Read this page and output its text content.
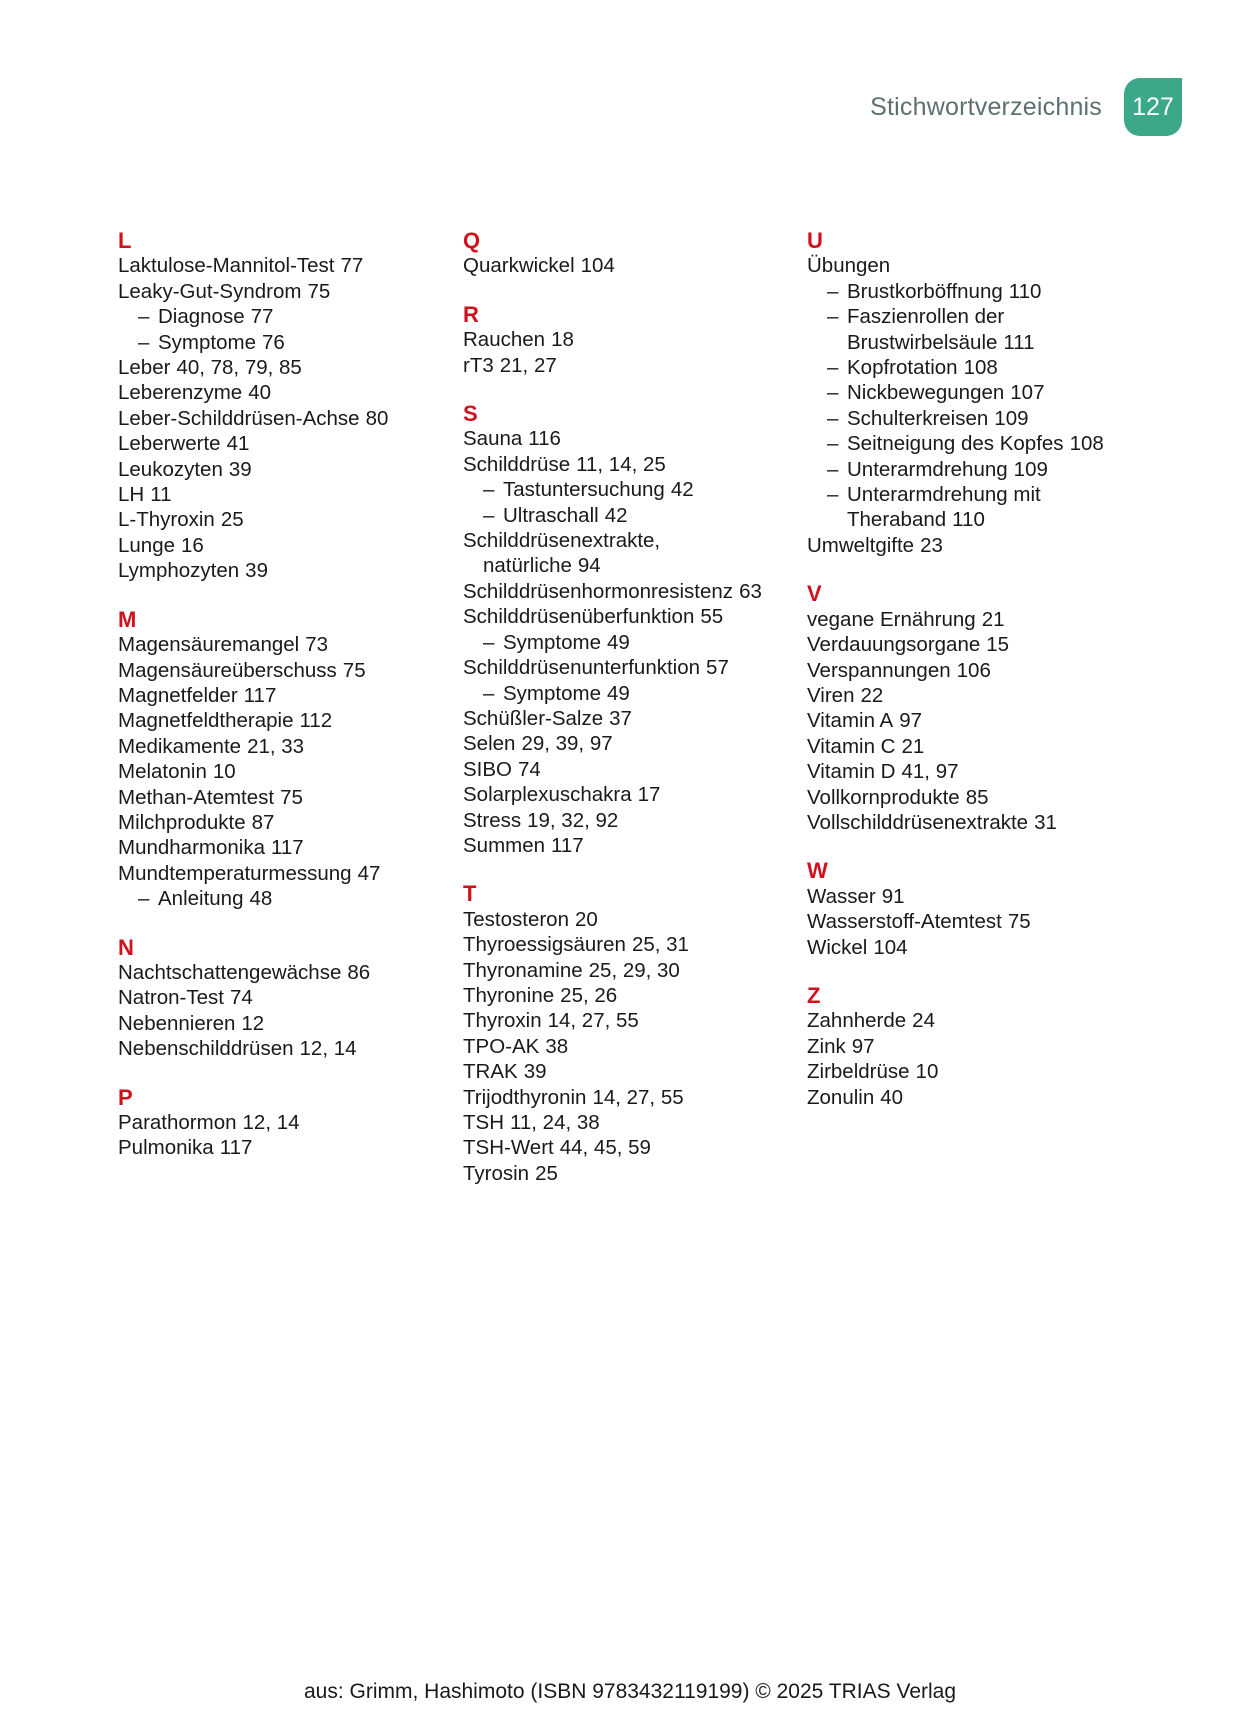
Stichwortverzeichnis	127
L
Laktulose-Mannitol-Test 77
Leaky-Gut-Syndrom 75
– Diagnose 77
– Symptome 76
Leber 40, 78, 79, 85
Leberenzyme 40
Leber-Schilddrüsen-Achse 80
Leberwerte 41
Leukozyten 39
LH 11
L-Thyroxin 25
Lunge 16
Lymphozyten 39
M
Magensäuremangel 73
Magensäureüberschuss 75
Magnetfelder 117
Magnetfeldtherapie 112
Medikamente 21, 33
Melatonin 10
Methan-Atemtest 75
Milchprodukte 87
Mundharmonika 117
Mundtemperaturmessung 47
– Anleitung 48
N
Nachtschattengewächse 86
Natron-Test 74
Nebennieren 12
Nebenschilddrüsen 12, 14
P
Parathormon 12, 14
Pulmonika 117
Q
Quarkwickel 104
R
Rauchen 18
rT3 21, 27
S
Sauna 116
Schilddrüse 11, 14, 25
– Tastuntersuchung 42
– Ultraschall 42
Schilddrüsenextrakte, natürliche 94
Schilddrüsenhormonresistenz 63
Schilddrüsenüberfunktion 55
– Symptome 49
Schilddrüsenunterfunktion 57
– Symptome 49
Schüßler-Salze 37
Selen 29, 39, 97
SIBO 74
Solarplexuschakra 17
Stress 19, 32, 92
Summen 117
T
Testosteron 20
Thyroessigsäuren 25, 31
Thyronamine 25, 29, 30
Thyronine 25, 26
Thyroxin 14, 27, 55
TPO-AK 38
TRAK 39
Trijodthyronin 14, 27, 55
TSH 11, 24, 38
TSH-Wert 44, 45, 59
Tyrosin 25
U
Übungen
– Brustkorböffnung 110
– Faszienrollen der Brustwirbelsäule 111
– Kopfrotation 108
– Nickbewegungen 107
– Schulterkreisen 109
– Seitneigung des Kopfes 108
– Unterarmdrehung 109
– Unterarmdrehung mit Theraband 110
Umweltgifte 23
V
vegane Ernährung 21
Verdauungsorgane 15
Verspannungen 106
Viren 22
Vitamin A 97
Vitamin C 21
Vitamin D 41, 97
Vollkornprodukte 85
Vollschilddrüsenextrakte 31
W
Wasser 91
Wasserstoff-Atemtest 75
Wickel 104
Z
Zahnherde 24
Zink 97
Zirbeldrüse 10
Zonulin 40
aus: Grimm, Hashimoto (ISBN 9783432119199) © 2025 TRIAS Verlag
